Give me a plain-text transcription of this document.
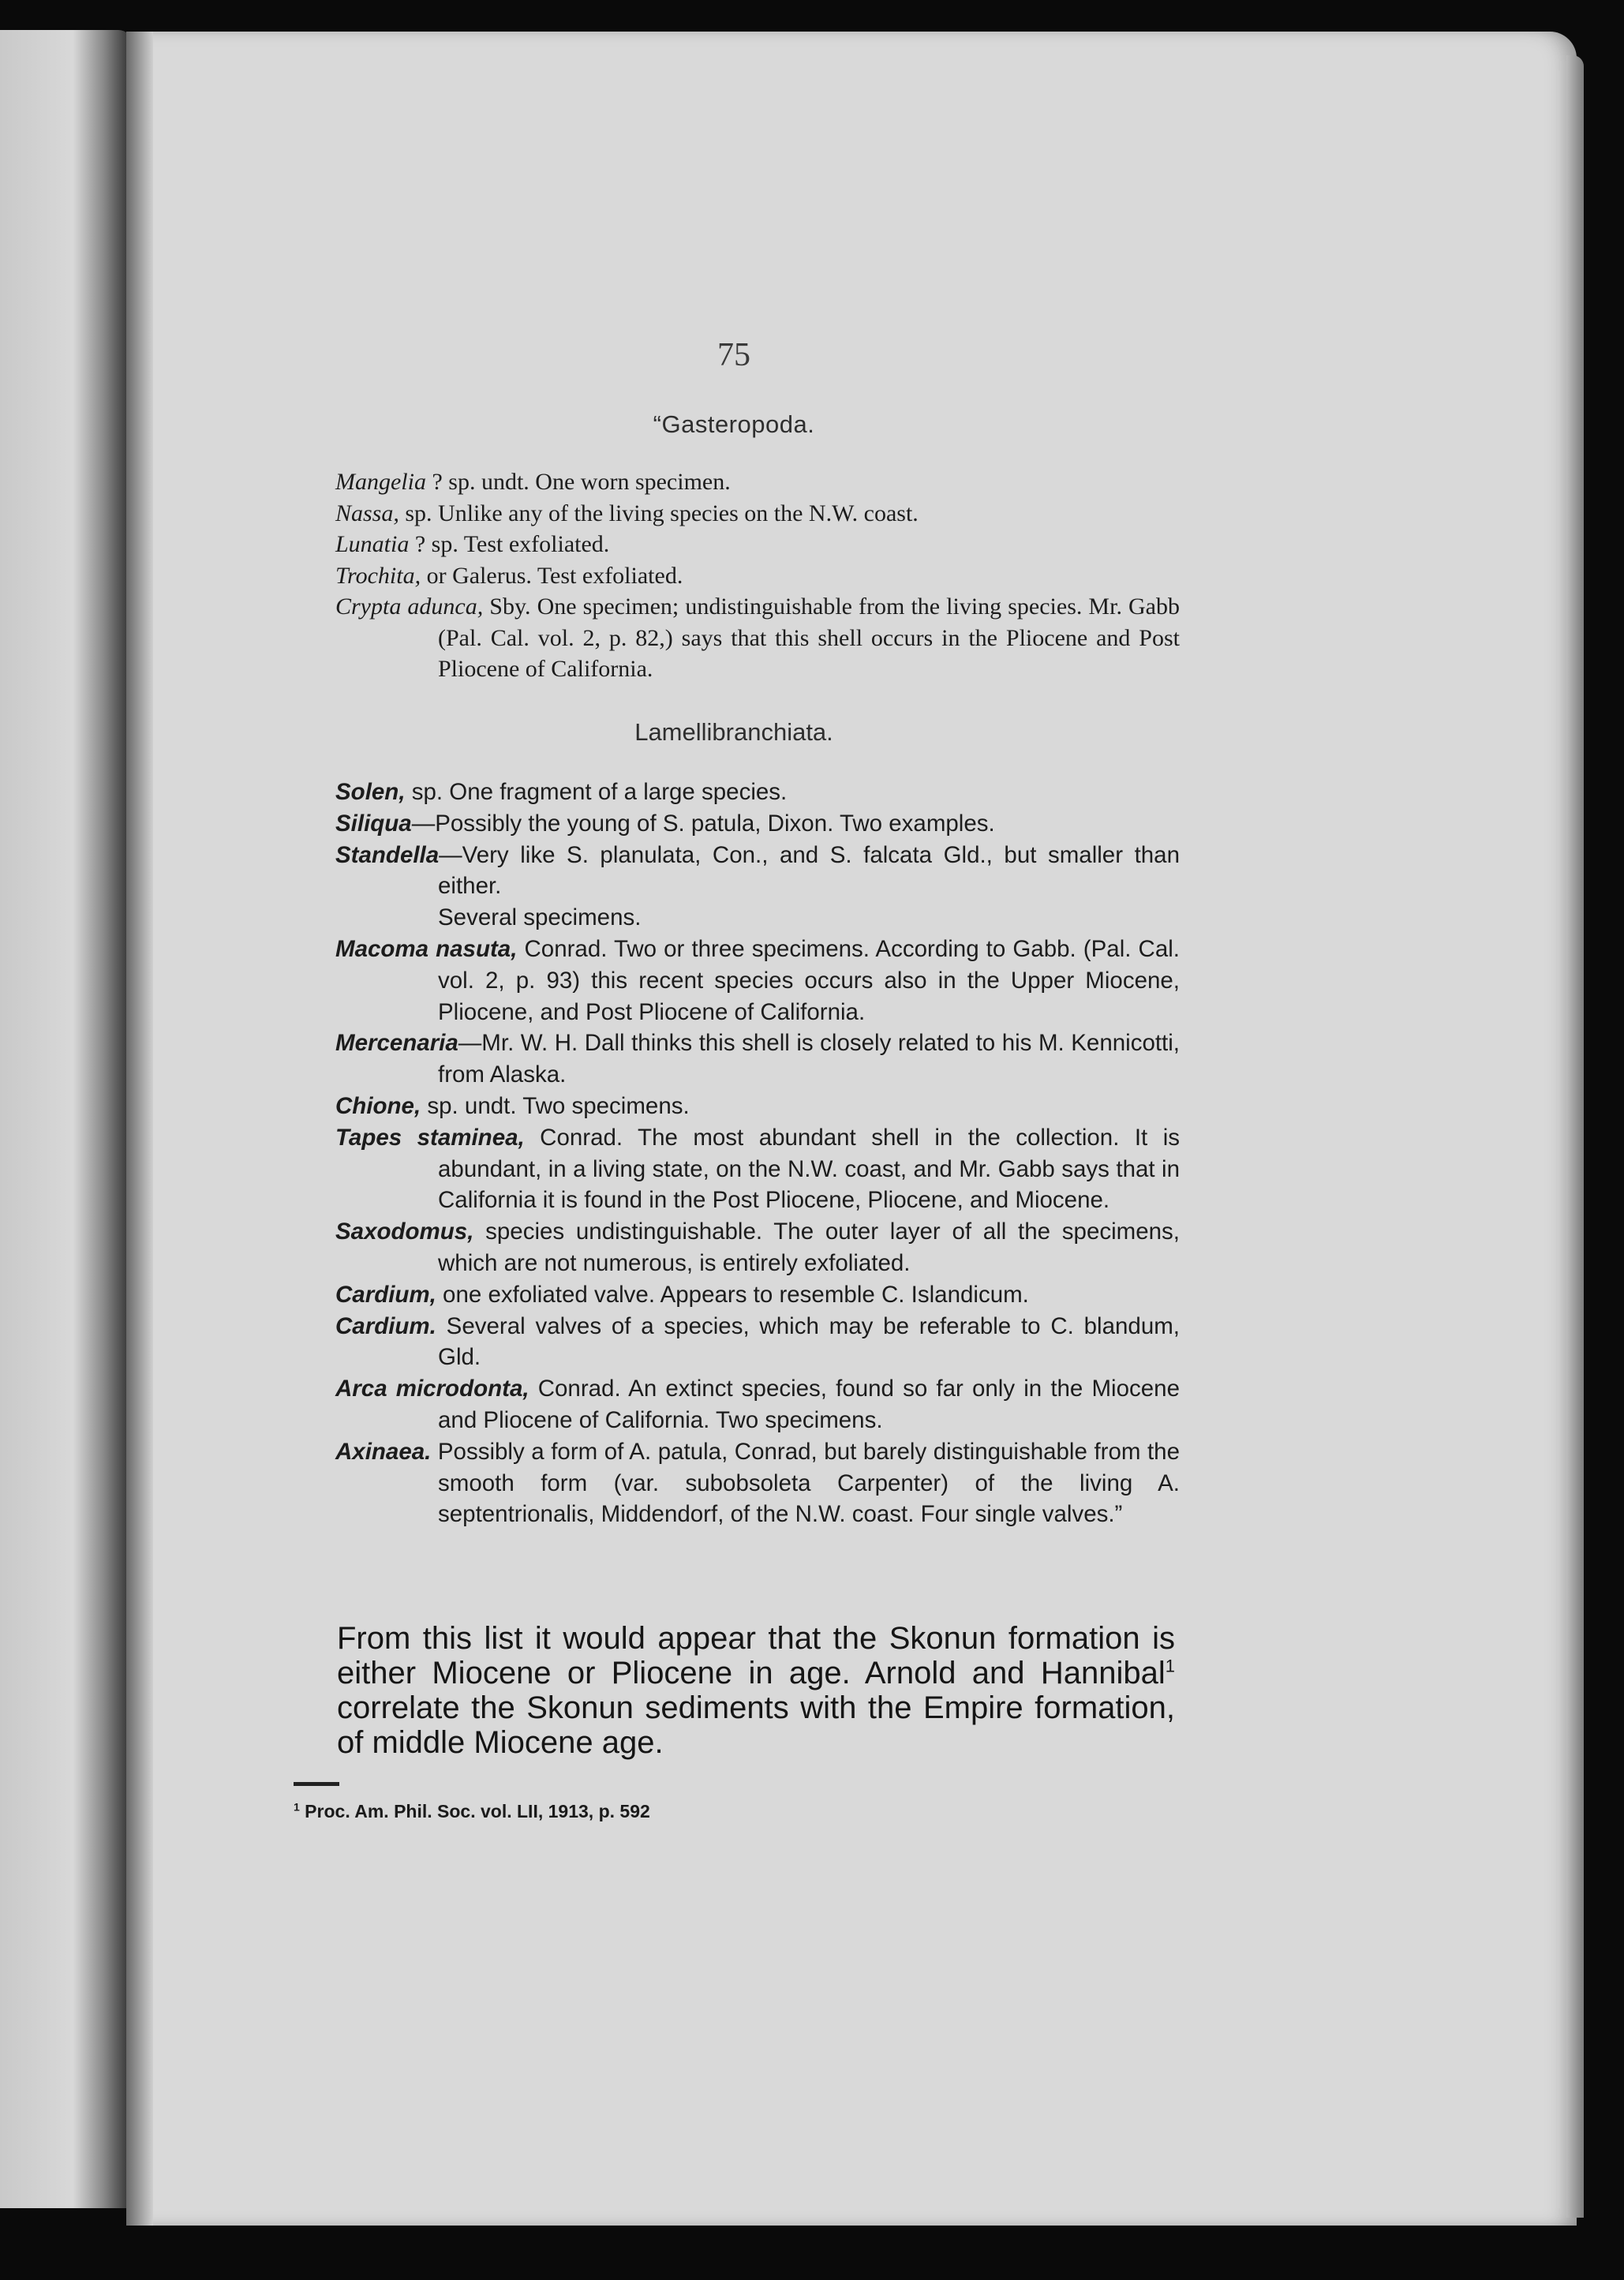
75
“Gasteropoda.
Mangelia ? sp. undt. One worn specimen.
Nassa, sp. Unlike any of the living species on the N.W. coast.
Lunatia ? sp. Test exfoliated.
Trochita, or Galerus. Test exfoliated.
Crypta adunca, Sby. One specimen; undistinguishable from the living species. Mr. Gabb (Pal. Cal. vol. 2, p. 82,) says that this shell occurs in the Pliocene and Post Pliocene of California.
Lamellibranchiata.
Solen, sp. One fragment of a large species.
Siliqua—Possibly the young of S. patula, Dixon. Two examples.
Standella—Very like S. planulata, Con., and S. falcata Gld., but smaller than either.
Several specimens.
Macoma nasuta, Conrad. Two or three specimens. According to Gabb. (Pal. Cal. vol. 2, p. 93) this recent species occurs also in the Upper Miocene, Pliocene, and Post Pliocene of California.
Mercenaria—Mr. W. H. Dall thinks this shell is closely related to his M. Kennicotti, from Alaska.
Chione, sp. undt. Two specimens.
Tapes staminea, Conrad. The most abundant shell in the collection. It is abundant, in a living state, on the N.W. coast, and Mr. Gabb says that in California it is found in the Post Pliocene, Pliocene, and Miocene.
Saxodomus, species undistinguishable. The outer layer of all the specimens, which are not numerous, is entirely exfoliated.
Cardium, one exfoliated valve. Appears to resemble C. Islandicum.
Cardium. Several valves of a species, which may be referable to C. blandum, Gld.
Arca microdonta, Conrad. An extinct species, found so far only in the Miocene and Pliocene of California. Two specimens.
Axinaea. Possibly a form of A. patula, Conrad, but barely distinguishable from the smooth form (var. subobsoleta Carpenter) of the living A. septentrionalis, Middendorf, of the N.W. coast. Four single valves.”
From this list it would appear that the Skonun formation is either Miocene or Pliocene in age. Arnold and Hannibal$^1$ correlate the Skonun sediments with the Empire formation, of middle Miocene age.
$^1$ Proc. Am. Phil. Soc. vol. LII, 1913, p. 592
